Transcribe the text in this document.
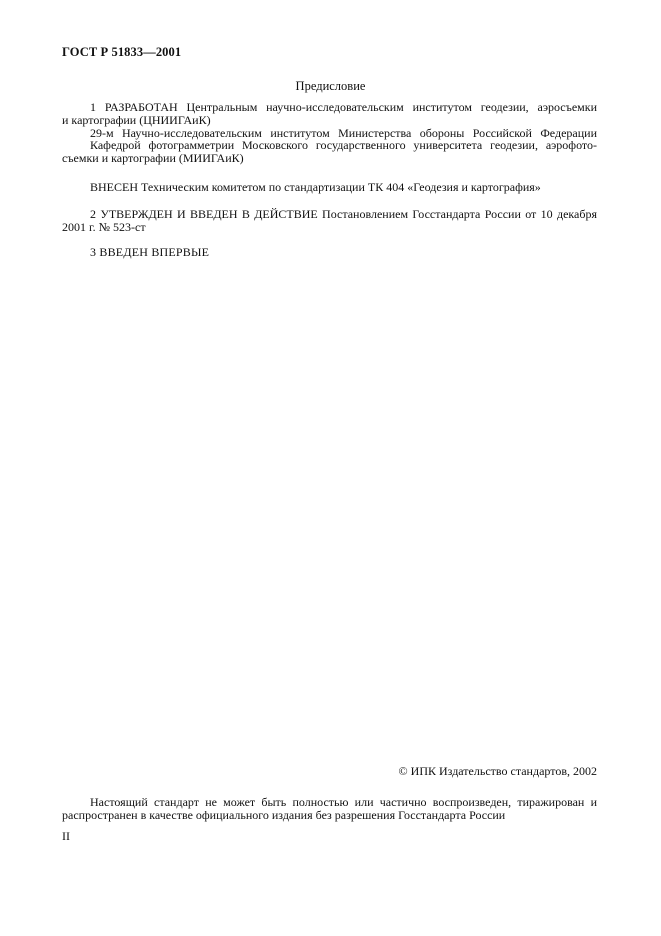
ГОСТ Р 51833—2001
Предисловие
1 РАЗРАБОТАН Центральным научно-исследовательским институтом геодезии, аэросъемки
и картографии (ЦНИИГАиК)
29-м Научно-исследовательским институтом Министерства обороны Российской Федерации
Кафедрой фотограмметрии Московского государственного университета геодезии, аэрофото-
съемки и картографии (МИИГАиК)
ВНЕСЕН Техническим комитетом по стандартизации ТК 404 «Геодезия и картография»
2 УТВЕРЖДЕН И ВВЕДЕН В ДЕЙСТВИЕ Постановлением Госстандарта России от 10 декабря
2001 г. № 523-ст
3 ВВЕДЕН ВПЕРВЫЕ
© ИПК Издательство стандартов, 2002
Настоящий стандарт не может быть полностью или частично воспроизведен, тиражирован и
распространен в качестве официального издания без разрешения Госстандарта России
II
